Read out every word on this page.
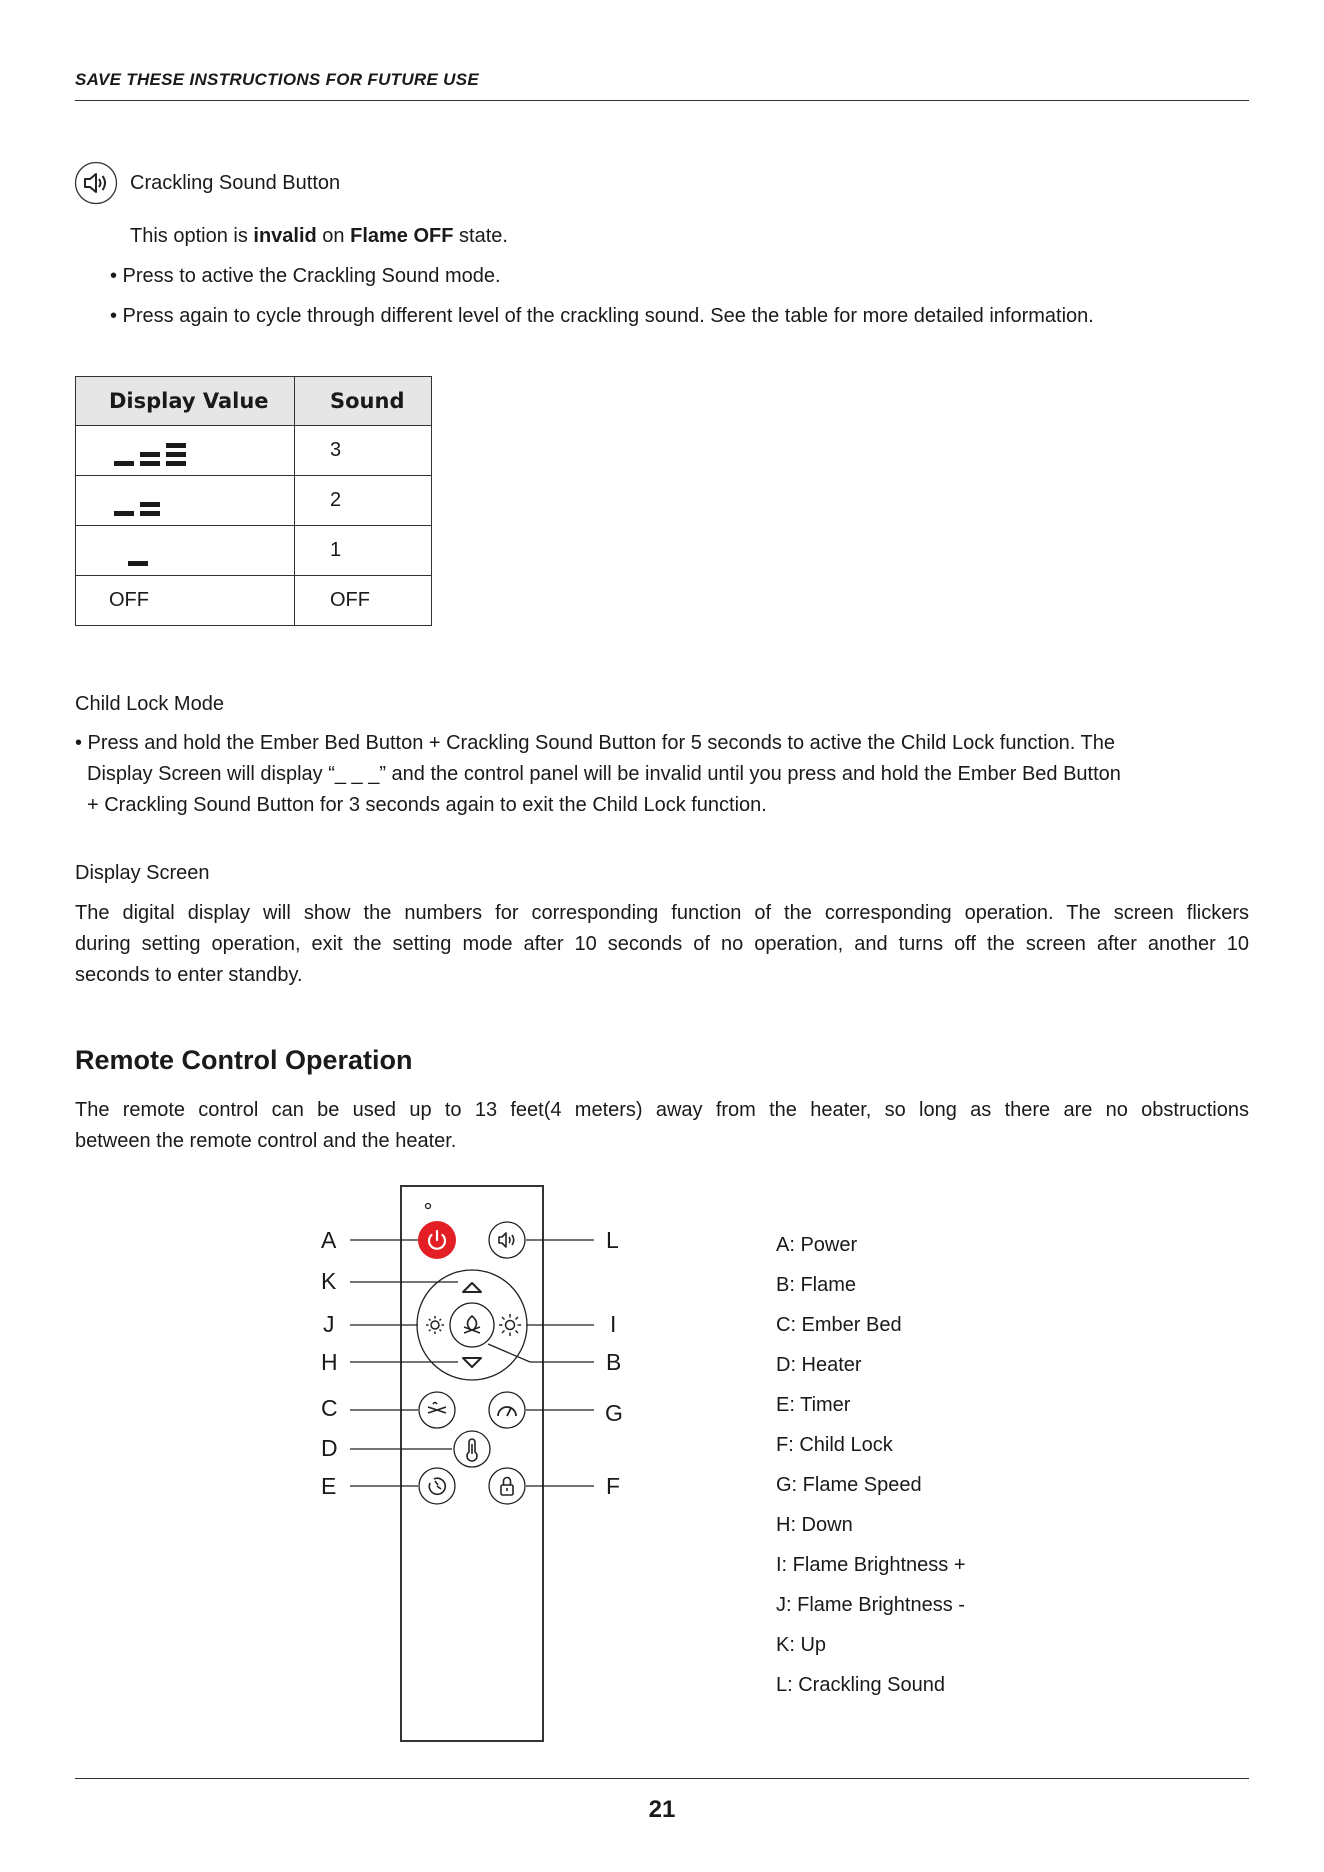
SAVE THESE INSTRUCTIONS FOR FUTURE USE
Crackling Sound Button
This option is invalid on Flame OFF state.
• Press to active the Crackling Sound mode.
• Press again to cycle through different level of the crackling sound. See the table for more detailed information.
Display Value	Sound
	3
	2
	1
OFF	OFF
Child Lock Mode
• Press and hold the Ember Bed Button + Crackling Sound Button for 5 seconds to active the Child Lock function. The
Display Screen will display “_ _ _” and the control panel will be invalid until you press and hold the Ember Bed Button
+ Crackling Sound Button for 3 seconds again to exit the Child Lock function.
Display Screen
The digital display will show the numbers for corresponding function of the corresponding operation. The screen flickers
during setting operation, exit the setting mode after 10 seconds of no operation, and turns off the screen after another 10
seconds to enter standby.
Remote Control Operation
The remote control can be used up to 13 feet(4 meters) away from the heater, so long as there are no obstructions
between the remote control and the heater.
A
K
J
H
C
D
E
L
I
B
G
F
A: Power
B: Flame
C: Ember Bed
D: Heater
E: Timer
F: Child Lock
G: Flame Speed
H: Down
I: Flame Brightness +
J: Flame Brightness -
K: Up
L: Crackling Sound
21
